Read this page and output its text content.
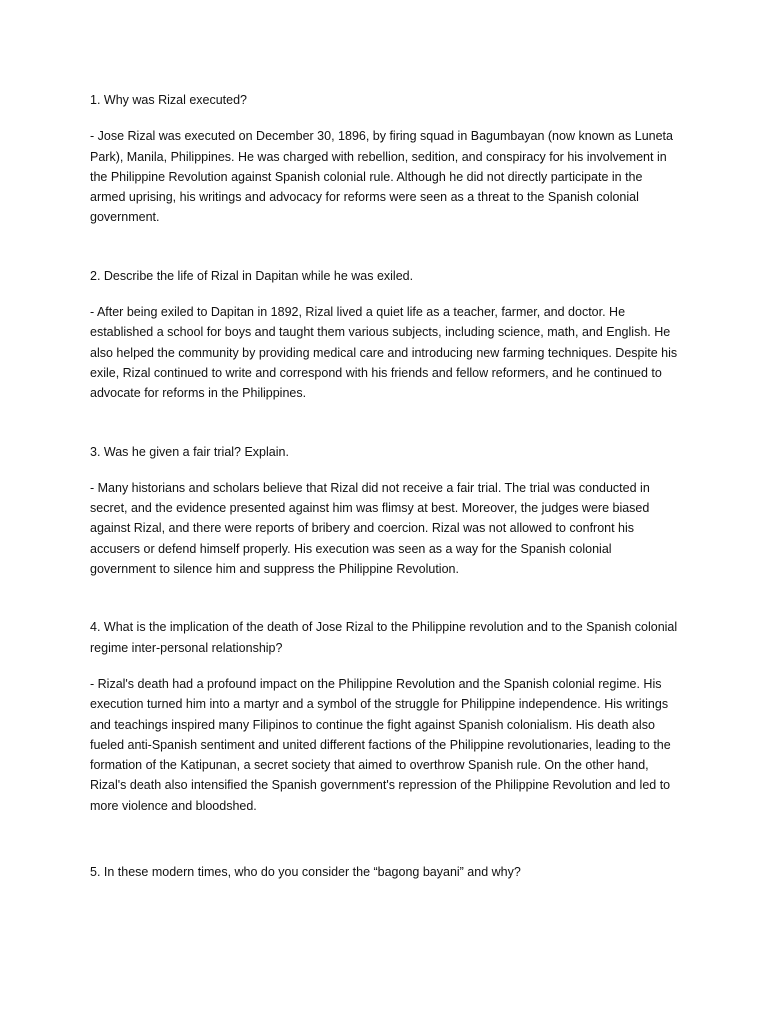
1. Why was Rizal executed?

- Jose Rizal was executed on December 30, 1896, by firing squad in Bagumbayan (now known as Luneta Park), Manila, Philippines. He was charged with rebellion, sedition, and conspiracy for his involvement in the Philippine Revolution against Spanish colonial rule. Although he did not directly participate in the armed uprising, his writings and advocacy for reforms were seen as a threat to the Spanish colonial government.

2. Describe the life of Rizal in Dapitan while he was exiled.

- After being exiled to Dapitan in 1892, Rizal lived a quiet life as a teacher, farmer, and doctor. He established a school for boys and taught them various subjects, including science, math, and English. He also helped the community by providing medical care and introducing new farming techniques. Despite his exile, Rizal continued to write and correspond with his friends and fellow reformers, and he continued to advocate for reforms in the Philippines.

3. Was he given a fair trial? Explain.

- Many historians and scholars believe that Rizal did not receive a fair trial. The trial was conducted in secret, and the evidence presented against him was flimsy at best. Moreover, the judges were biased against Rizal, and there were reports of bribery and coercion. Rizal was not allowed to confront his accusers or defend himself properly. His execution was seen as a way for the Spanish colonial government to silence him and suppress the Philippine Revolution.

4. What is the implication of the death of Jose Rizal to the Philippine revolution and to the Spanish colonial regime inter-personal relationship?

- Rizal's death had a profound impact on the Philippine Revolution and the Spanish colonial regime. His execution turned him into a martyr and a symbol of the struggle for Philippine independence. His writings and teachings inspired many Filipinos to continue the fight against Spanish colonialism. His death also fueled anti-Spanish sentiment and united different factions of the Philippine revolutionaries, leading to the formation of the Katipunan, a secret society that aimed to overthrow Spanish rule. On the other hand, Rizal's death also intensified the Spanish government's repression of the Philippine Revolution and led to more violence and bloodshed.

5. In these modern times, who do you consider the “bagong bayani” and why?
